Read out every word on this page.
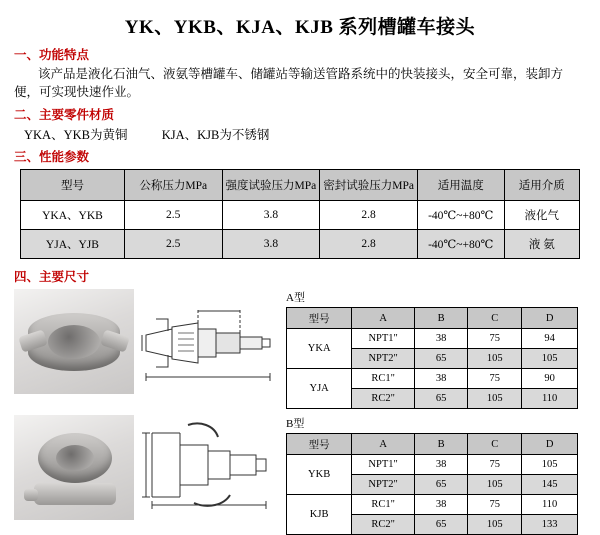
YK、YKB、KJA、KJB 系列槽罐车接头
一、功能特点
该产品是液化石油气、液氨等槽罐车、储罐站等输送管路系统中的快装接头，安全可靠，装卸方便，可实现快速作业。
二、主要零件材质
YKA、YKB为黄铜	KJA、KJB为不锈钢
三、性能参数
型号	公称压力MPa	强度试验压力MPa	密封试验压力MPa	适用温度	适用介质
YKA、YKB	2.5	3.8	2.8	-40℃~+80℃	液化气
YJA、YJB	2.5	3.8	2.8	-40℃~+80℃	液 氨
四、主要尺寸
A型
型号	A	B	C	D
YKA	NPT1"	38	75	94
	NPT2"	65	105	105
YJA	RC1"	38	75	90
	RC2"	65	105	110
B型
型号	A	B	C	D
YKB	NPT1"	38	75	105
	NPT2"	65	105	145
KJB	RC1"	38	75	110
	RC2"	65	105	133
